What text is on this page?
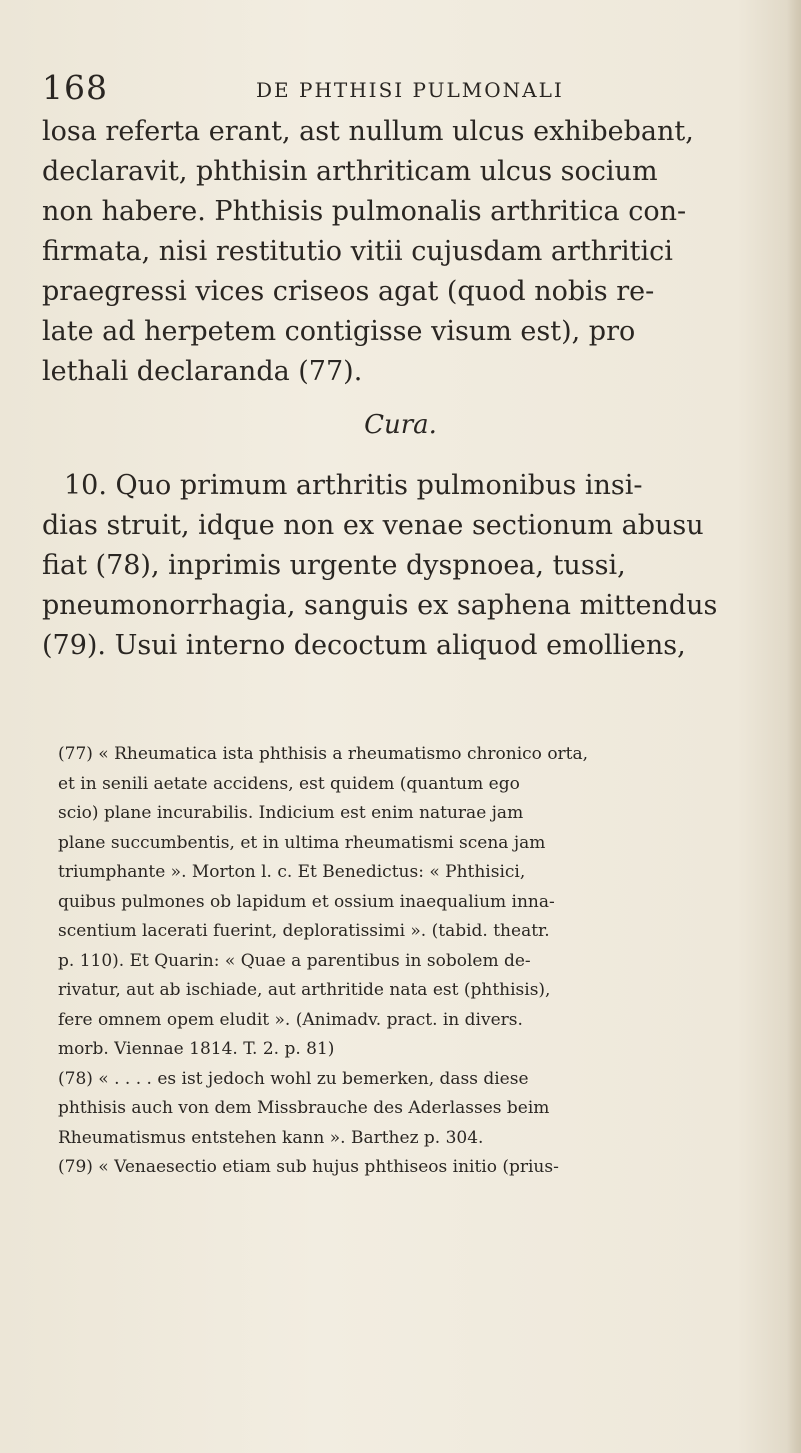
168	DE PHTHISI PULMONALI
losa referta erant, ast nullum ulcus exhibebant,
declaravit, phthisin arthriticam ulcus socium
non habere. Phthisis pulmonalis arthritica con-
firmata, nisi restitutio vitii cujusdam arthritici
praegressi vices criseos agat (quod nobis re-
late ad herpetem contigisse visum est), pro
lethali declaranda (77).
Cura.
10. Quo primum arthritis pulmonibus insi-
dias struit, idque non ex venae sectionum abusu
fiat (78), inprimis urgente dyspnoea, tussi,
pneumonorrhagia, sanguis ex saphena mittendus
(79). Usui interno decoctum aliquod emolliens,
(77) « Rheumatica ista phthisis a rheumatismo chronico orta,
et in senili aetate accidens, est quidem (quantum ego
scio) plane incurabilis. Indicium est enim naturae jam
plane succumbentis, et in ultima rheumatismi scena jam
triumphante ». Morton l. c. Et Benedictus: « Phthisici,
quibus pulmones ob lapidum et ossium inaequalium inna-
scentium lacerati fuerint, deploratissimi ». (tabid. theatr.
p. 110). Et Quarin: « Quae a parentibus in sobolem de-
rivatur, aut ab ischiade, aut arthritide nata est (phthisis),
fere omnem opem eludit ». (Animadv. pract. in divers.
morb. Viennae 1814. T. 2. p. 81)
(78) « . . . . es ist jedoch wohl zu bemerken, dass diese
phthisis auch von dem Missbrauche des Aderlasses beim
Rheumatismus entstehen kann ». Barthez p. 304.
(79) « Venaesectio etiam sub hujus phthiseos initio (prius-
